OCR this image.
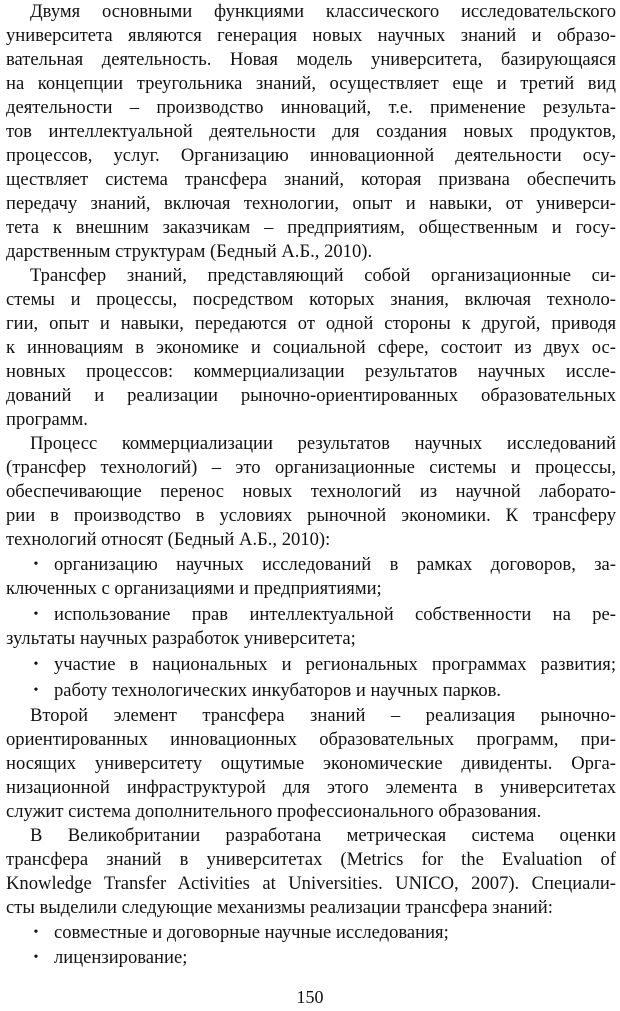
Двумя основными функциями классического исследовательского
университета являются генерация новых научных знаний и образо-
вательная деятельность. Новая модель университета, базирующаяся
на концепции треугольника знаний, осуществляет еще и третий вид
деятельности – производство инноваций, т.е. применение результа-
тов интеллектуальной деятельности для создания новых продуктов,
процессов, услуг. Организацию инновационной деятельности осу-
ществляет система трансфера знаний, которая призвана обеспечить
передачу знаний, включая технологии, опыт и навыки, от универси-
тета к внешним заказчикам – предприятиям, общественным и госу-
дарственным структурам (Бедный А.Б., 2010).
Трансфер знаний, представляющий собой организационные си-
стемы и процессы, посредством которых знания, включая техноло-
гии, опыт и навыки, передаются от одной стороны к другой, приводя
к инновациям в экономике и социальной сфере, состоит из двух ос-
новных процессов: коммерциализации результатов научных иссле-
дований и реализации рыночно-ориентированных образовательных
программ.
Процесс коммерциализации результатов научных исследований
(трансфер технологий) – это организационные системы и процессы,
обеспечивающие перенос новых технологий из научной лаборато-
рии в производство в условиях рыночной экономики. К трансферу
технологий относят (Бедный А.Б., 2010):
• организацию научных исследований в рамках договоров, за-
ключенных с организациями и предприятиями;
• использование прав интеллектуальной собственности на ре-
зультаты научных разработок университета;
• участие в национальных и региональных программах развития;
• работу технологических инкубаторов и научных парков.
Второй элемент трансфера знаний – реализация рыночно-
ориентированных инновационных образовательных программ, при-
носящих университету ощутимые экономические дивиденты. Орга-
низационной инфраструктурой для этого элемента в университетах
служит система дополнительного профессионального образования.
В Великобритании разработана метрическая система оценки
трансфера знаний в университетах (Metrics for the Evaluation of
Knowledge Transfer Activities at Universities. UNICO, 2007). Специали-
сты выделили следующие механизмы реализации трансфера знаний:
• совместные и договорные научные исследования;
• лицензирование;
150
